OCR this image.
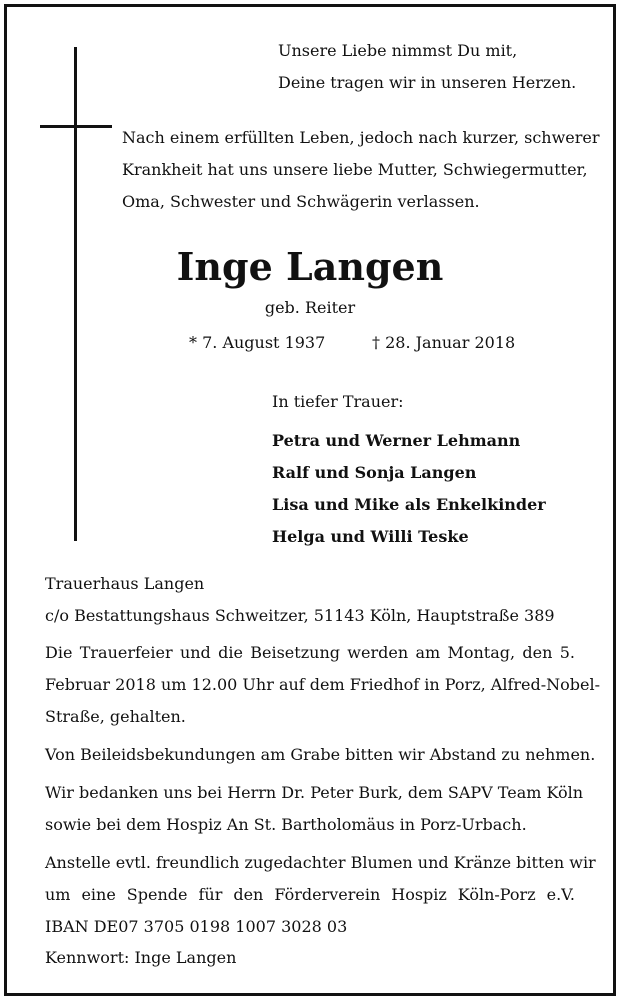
Unsere Liebe nimmst Du mit,
Deine tragen wir in unseren Herzen.
Nach einem erfüllten Leben, jedoch nach kurzer, schwerer
Krankheit hat uns unsere liebe Mutter, Schwiegermutter,
Oma, Schwester und Schwägerin verlassen.
Inge Langen
geb. Reiter
* 7. August 1937	† 28. Januar 2018
In tiefer Trauer:
Petra und Werner Lehmann
Ralf und Sonja Langen
Lisa und Mike als Enkelkinder
Helga und Willi Teske
Trauerhaus Langen
c/o Bestattungshaus Schweitzer, 51143 Köln, Hauptstraße 389
Die Trauerfeier und die Beisetzung werden am Montag, den 5.
Februar 2018 um 12.00 Uhr auf dem Friedhof in Porz, Alfred-Nobel-
Straße, gehalten.
Von Beileidsbekundungen am Grabe bitten wir Abstand zu nehmen.
Wir bedanken uns bei Herrn Dr. Peter Burk, dem SAPV Team Köln
sowie bei dem Hospiz An St. Bartholomäus in Porz-Urbach.
Anstelle evtl. freundlich zugedachter Blumen und Kränze bitten wir
um eine Spende für den Förderverein Hospiz Köln-Porz e.V.
IBAN DE07 3705 0198 1007 3028 03
Kennwort: Inge Langen
